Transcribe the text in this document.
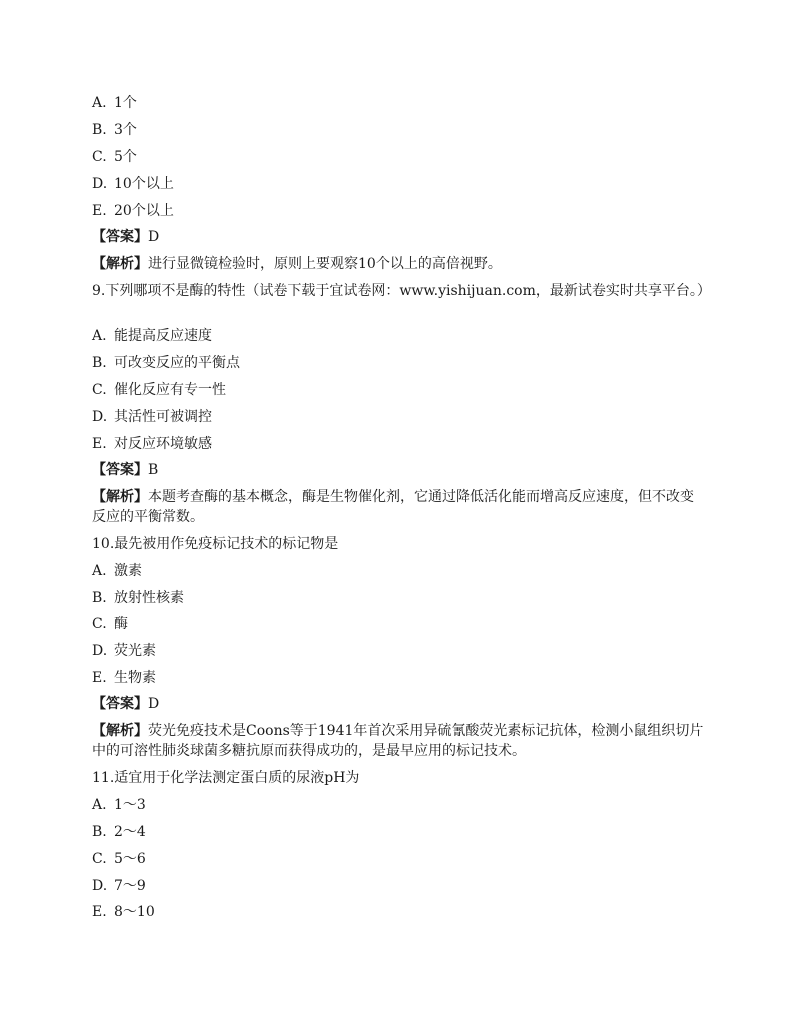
A. 1个
B. 3个
C. 5个
D. 10个以上
E. 20个以上
【答案】D
【解析】进行显微镜检验时，原则上要观察10个以上的高倍视野。
9.下列哪项不是酶的特性（试卷下载于宜试卷网：www.yishijuan.com，最新试卷实时共享平台。）
A. 能提高反应速度
B. 可改变反应的平衡点
C. 催化反应有专一性
D. 其活性可被调控
E. 对反应环境敏感
【答案】B
【解析】本题考查酶的基本概念，酶是生物催化剂，它通过降低活化能而增高反应速度，但不改变反应的平衡常数。
10.最先被用作免疫标记技术的标记物是
A. 激素
B. 放射性核素
C. 酶
D. 荧光素
E. 生物素
【答案】D
【解析】荧光免疫技术是Coons等于1941年首次采用异硫氰酸荧光素标记抗体，检测小鼠组织切片中的可溶性肺炎球菌多糖抗原而获得成功的，是最早应用的标记技术。
11.适宜用于化学法测定蛋白质的尿液pH为
A. 1～3
B. 2～4
C. 5～6
D. 7～9
E. 8～10
